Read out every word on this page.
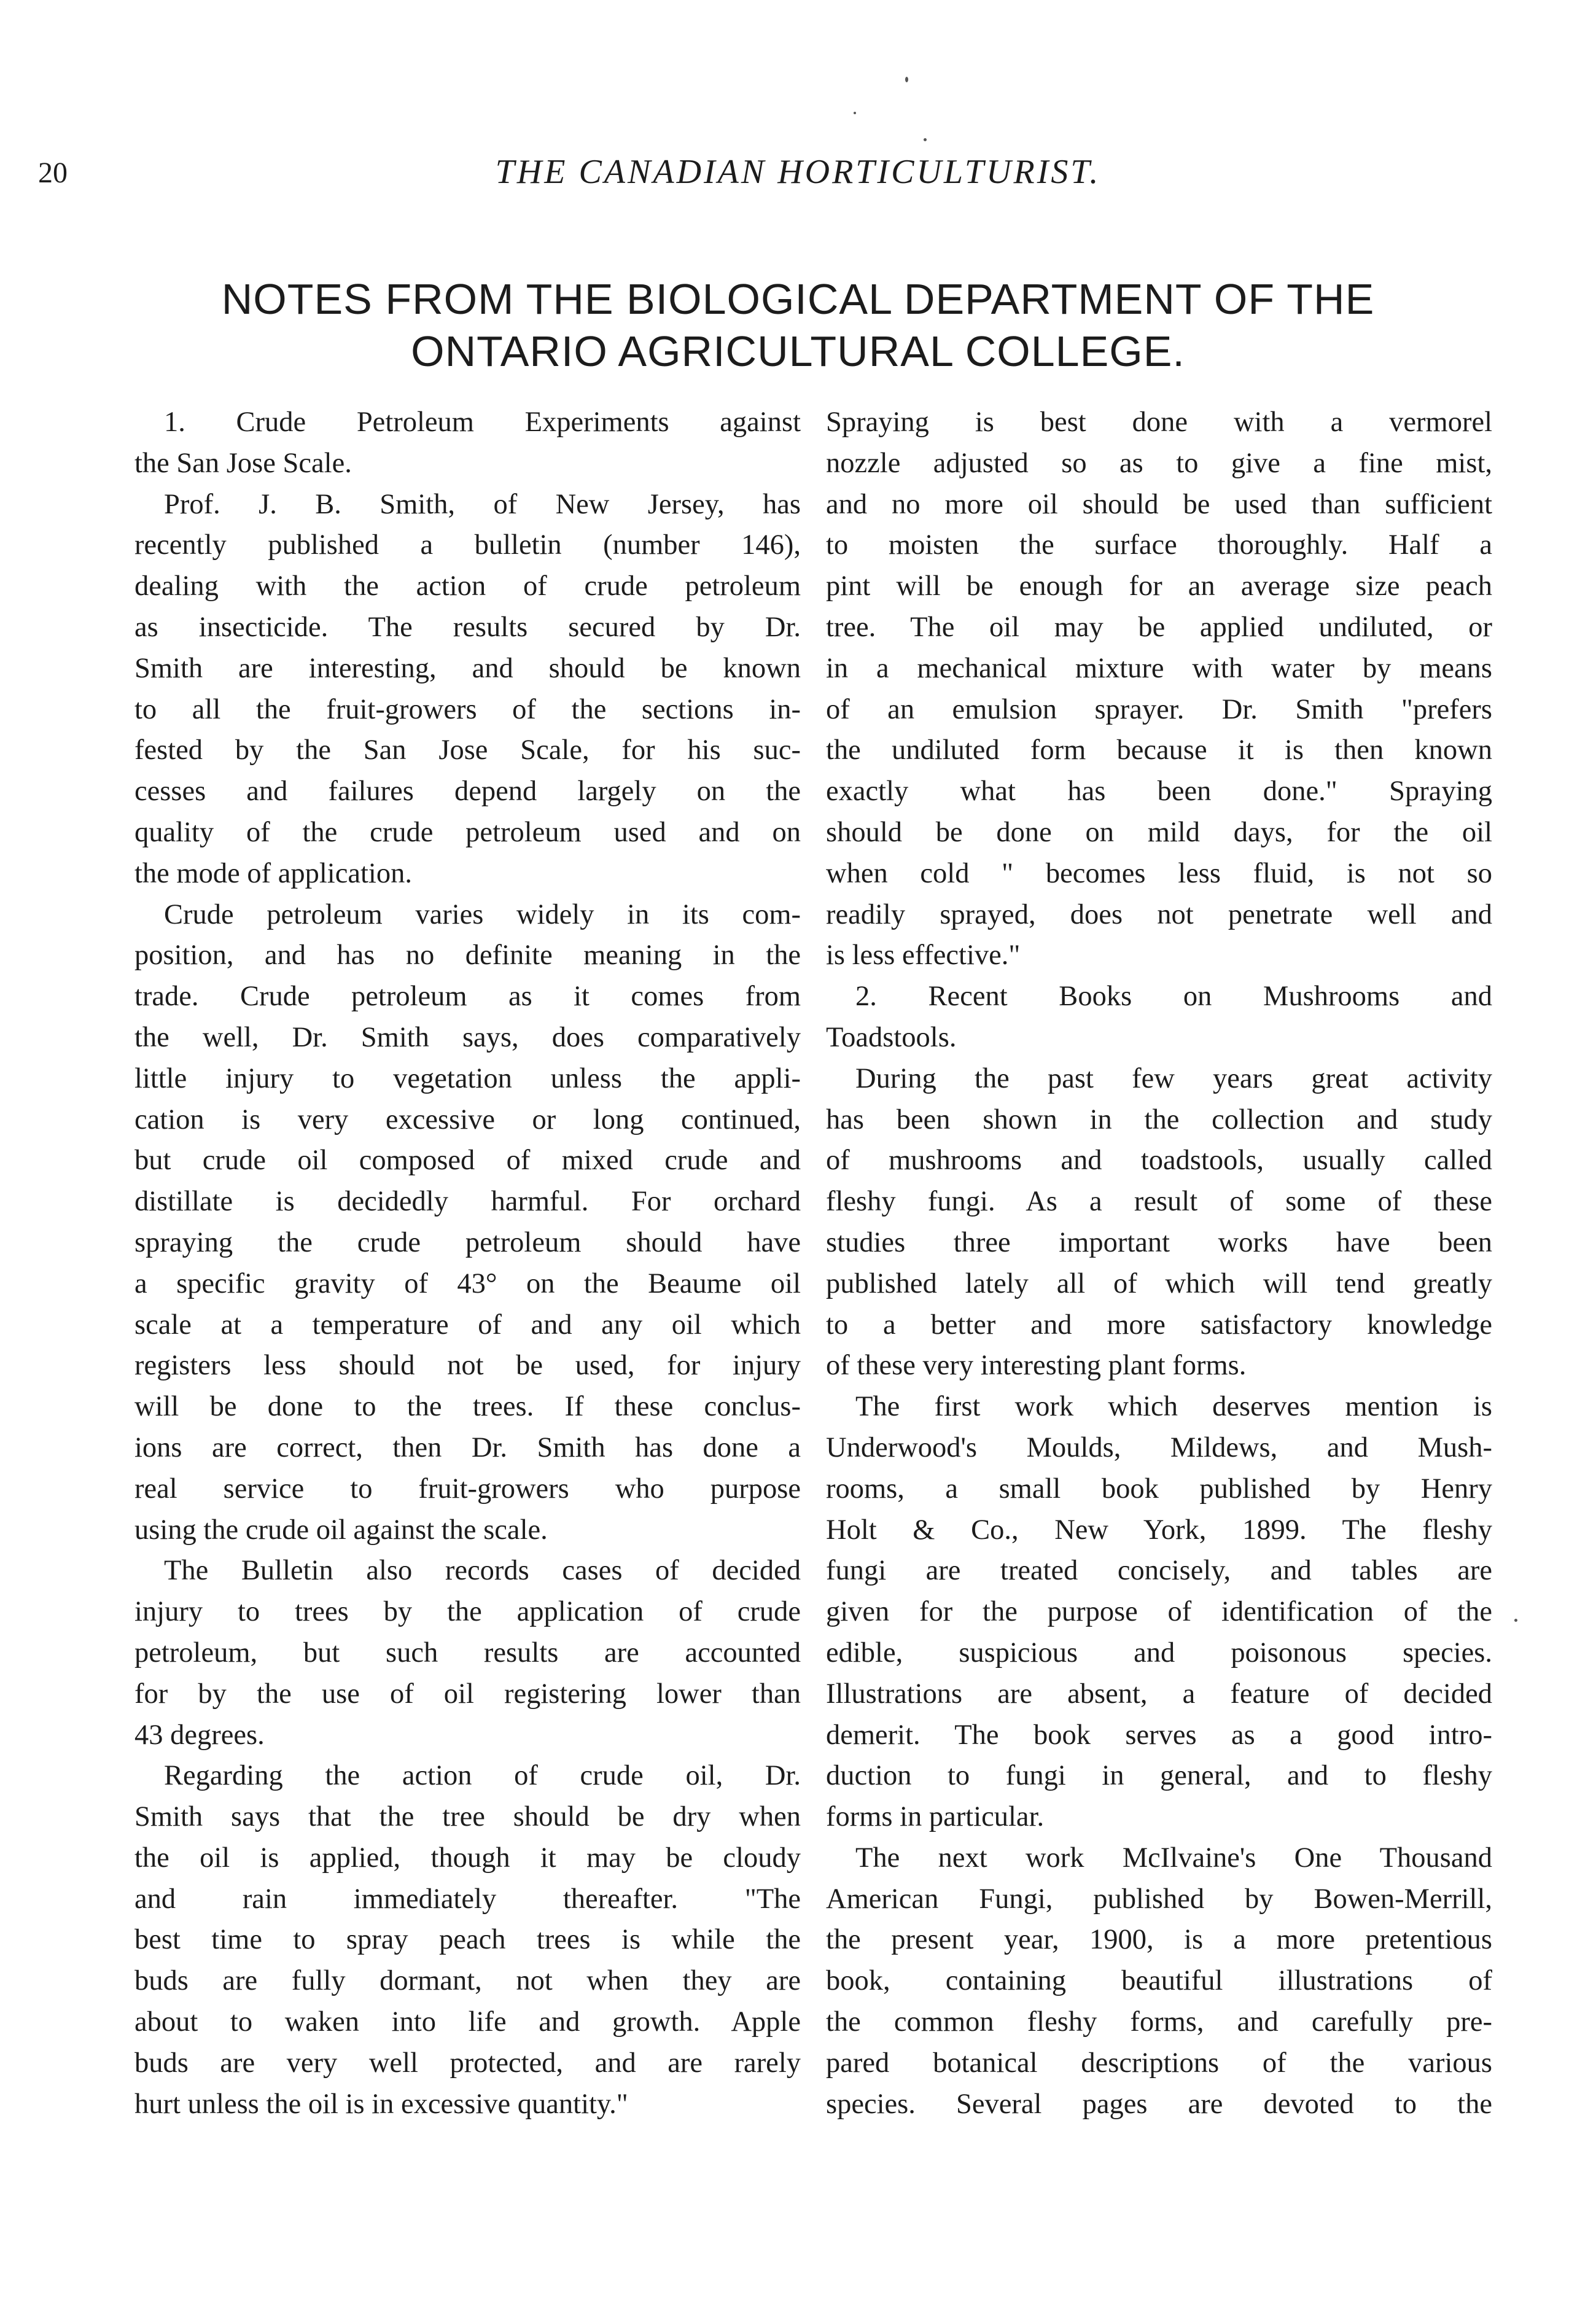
20	THE CANADIAN HORTICULTURIST.
NOTES FROM THE BIOLOGICAL DEPARTMENT OF THE
ONTARIO AGRICULTURAL COLLEGE.
1. Crude Petroleum Experiments against
the San Jose Scale.
Prof. J. B. Smith, of New Jersey, has
recently published a bulletin (number 146),
dealing with the action of crude petroleum
as insecticide. The results secured by Dr.
Smith are interesting, and should be known
to all the fruit-growers of the sections in-
fested by the San Jose Scale, for his suc-
cesses and failures depend largely on the
quality of the crude petroleum used and on
the mode of application.
Crude petroleum varies widely in its com-
position, and has no definite meaning in the
trade. Crude petroleum as it comes from
the well, Dr. Smith says, does comparatively
little injury to vegetation unless the appli-
cation is very excessive or long continued,
but crude oil composed of mixed crude and
distillate is decidedly harmful. For orchard
spraying the crude petroleum should have
a specific gravity of 43° on the Beaume oil
scale at a temperature of and any oil which
registers less should not be used, for injury
will be done to the trees. If these conclus-
ions are correct, then Dr. Smith has done a
real service to fruit-growers who purpose
using the crude oil against the scale.
The Bulletin also records cases of decided
injury to trees by the application of crude
petroleum, but such results are accounted
for by the use of oil registering lower than
43 degrees.
Regarding the action of crude oil, Dr.
Smith says that the tree should be dry when
the oil is applied, though it may be cloudy
and rain immediately thereafter. "The
best time to spray peach trees is while the
buds are fully dormant, not when they are
about to waken into life and growth. Apple
buds are very well protected, and are rarely
hurt unless the oil is in excessive quantity."
Spraying is best done with a vermorel
nozzle adjusted so as to give a fine mist,
and no more oil should be used than sufficient
to moisten the surface thoroughly. Half a
pint will be enough for an average size peach
tree. The oil may be applied undiluted, or
in a mechanical mixture with water by means
of an emulsion sprayer. Dr. Smith "prefers
the undiluted form because it is then known
exactly what has been done." Spraying
should be done on mild days, for the oil
when cold " becomes less fluid, is not so
readily sprayed, does not penetrate well and
is less effective."
2. Recent Books on Mushrooms and
Toadstools.
During the past few years great activity
has been shown in the collection and study
of mushrooms and toadstools, usually called
fleshy fungi. As a result of some of these
studies three important works have been
published lately all of which will tend greatly
to a better and more satisfactory knowledge
of these very interesting plant forms.
The first work which deserves mention is
Underwood's Moulds, Mildews, and Mush-
rooms, a small book published by Henry
Holt & Co., New York, 1899. The fleshy
fungi are treated concisely, and tables are
given for the purpose of identification of the
edible, suspicious and poisonous species.
Illustrations are absent, a feature of decided
demerit. The book serves as a good intro-
duction to fungi in general, and to fleshy
forms in particular.
The next work McIlvaine's One Thousand
American Fungi, published by Bowen-Merrill,
the present year, 1900, is a more pretentious
book, containing beautiful illustrations of
the common fleshy forms, and carefully pre-
pared botanical descriptions of the various
species. Several pages are devoted to the
